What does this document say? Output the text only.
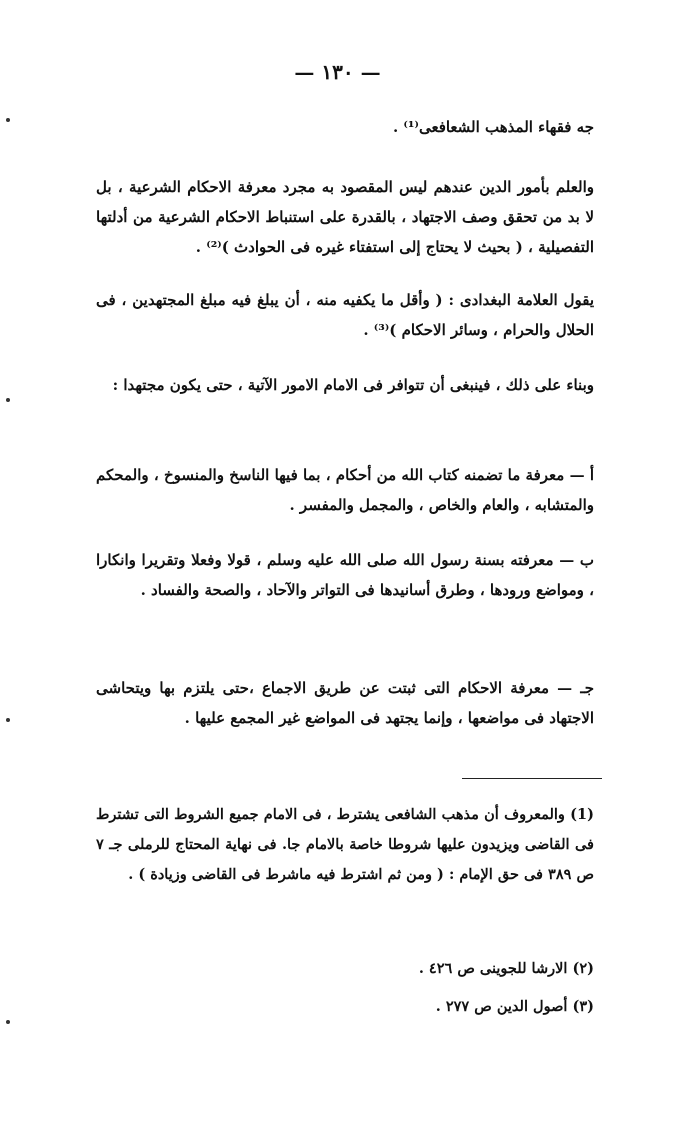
— ١٣٠ —
جه فقهاء المذهب الشعافعى⁽¹⁾ .
والعلم بأمور الدين عندهم ليس المقصود به مجرد معرفة الاحكام الشرعية ، بل لا بد من تحقق وصف الاجتهاد ، بالقدرة على استنباط الاحكام الشرعية من أدلتها التفصيلية ، ( بحيث لا يحتاج إلى استفتاء غيره فى الحوادث )⁽²⁾ .
يقول العلامة البغدادى : ( وأقل ما يكفيه منه ، أن يبلغ فيه مبلغ المجتهدين ، فى الحلال والحرام ، وسائر الاحكام )⁽³⁾ .
وبناء على ذلك ، فينبغى أن تتوافر فى الامام الامور الآتية ، حتى يكون مجتهدا :
أ — معرفة ما تضمنه كتاب الله من أحكام ، بما فيها الناسخ والمنسوخ ، والمحكم والمتشابه ، والعام والخاص ، والمجمل والمفسر .
ب — معرفته بسنة رسول الله صلى الله عليه وسلم ، قولا وفعلا وتقريرا وانكارا ، ومواضع ورودها ، وطرق أسانيدها فى التواتر والآحاد ، والصحة والفساد .
جـ — معرفة الاحكام التى ثبتت عن طريق الاجماع ،حتى يلتزم بها ويتحاشى الاجتهاد فى مواضعها ، وإنما يجتهد فى المواضع غير المجمع عليها .
(1) والمعروف أن مذهب الشافعى يشترط ، فى الامام جميع الشروط التى تشترط فى القاضى ويزيدون عليها شروطا خاصة بالامام جا. فى نهاية المحتاج للرملى جـ ٧ ص ٣٨٩ فى حق الإمام : ( ومن ثم اشترط فيه ماشرط فى القاضى وزيادة ) .
(٢) الارشا للجوينى ص ٤٢٦ .
(٣) أصول الدين ص ٢٧٧ .
